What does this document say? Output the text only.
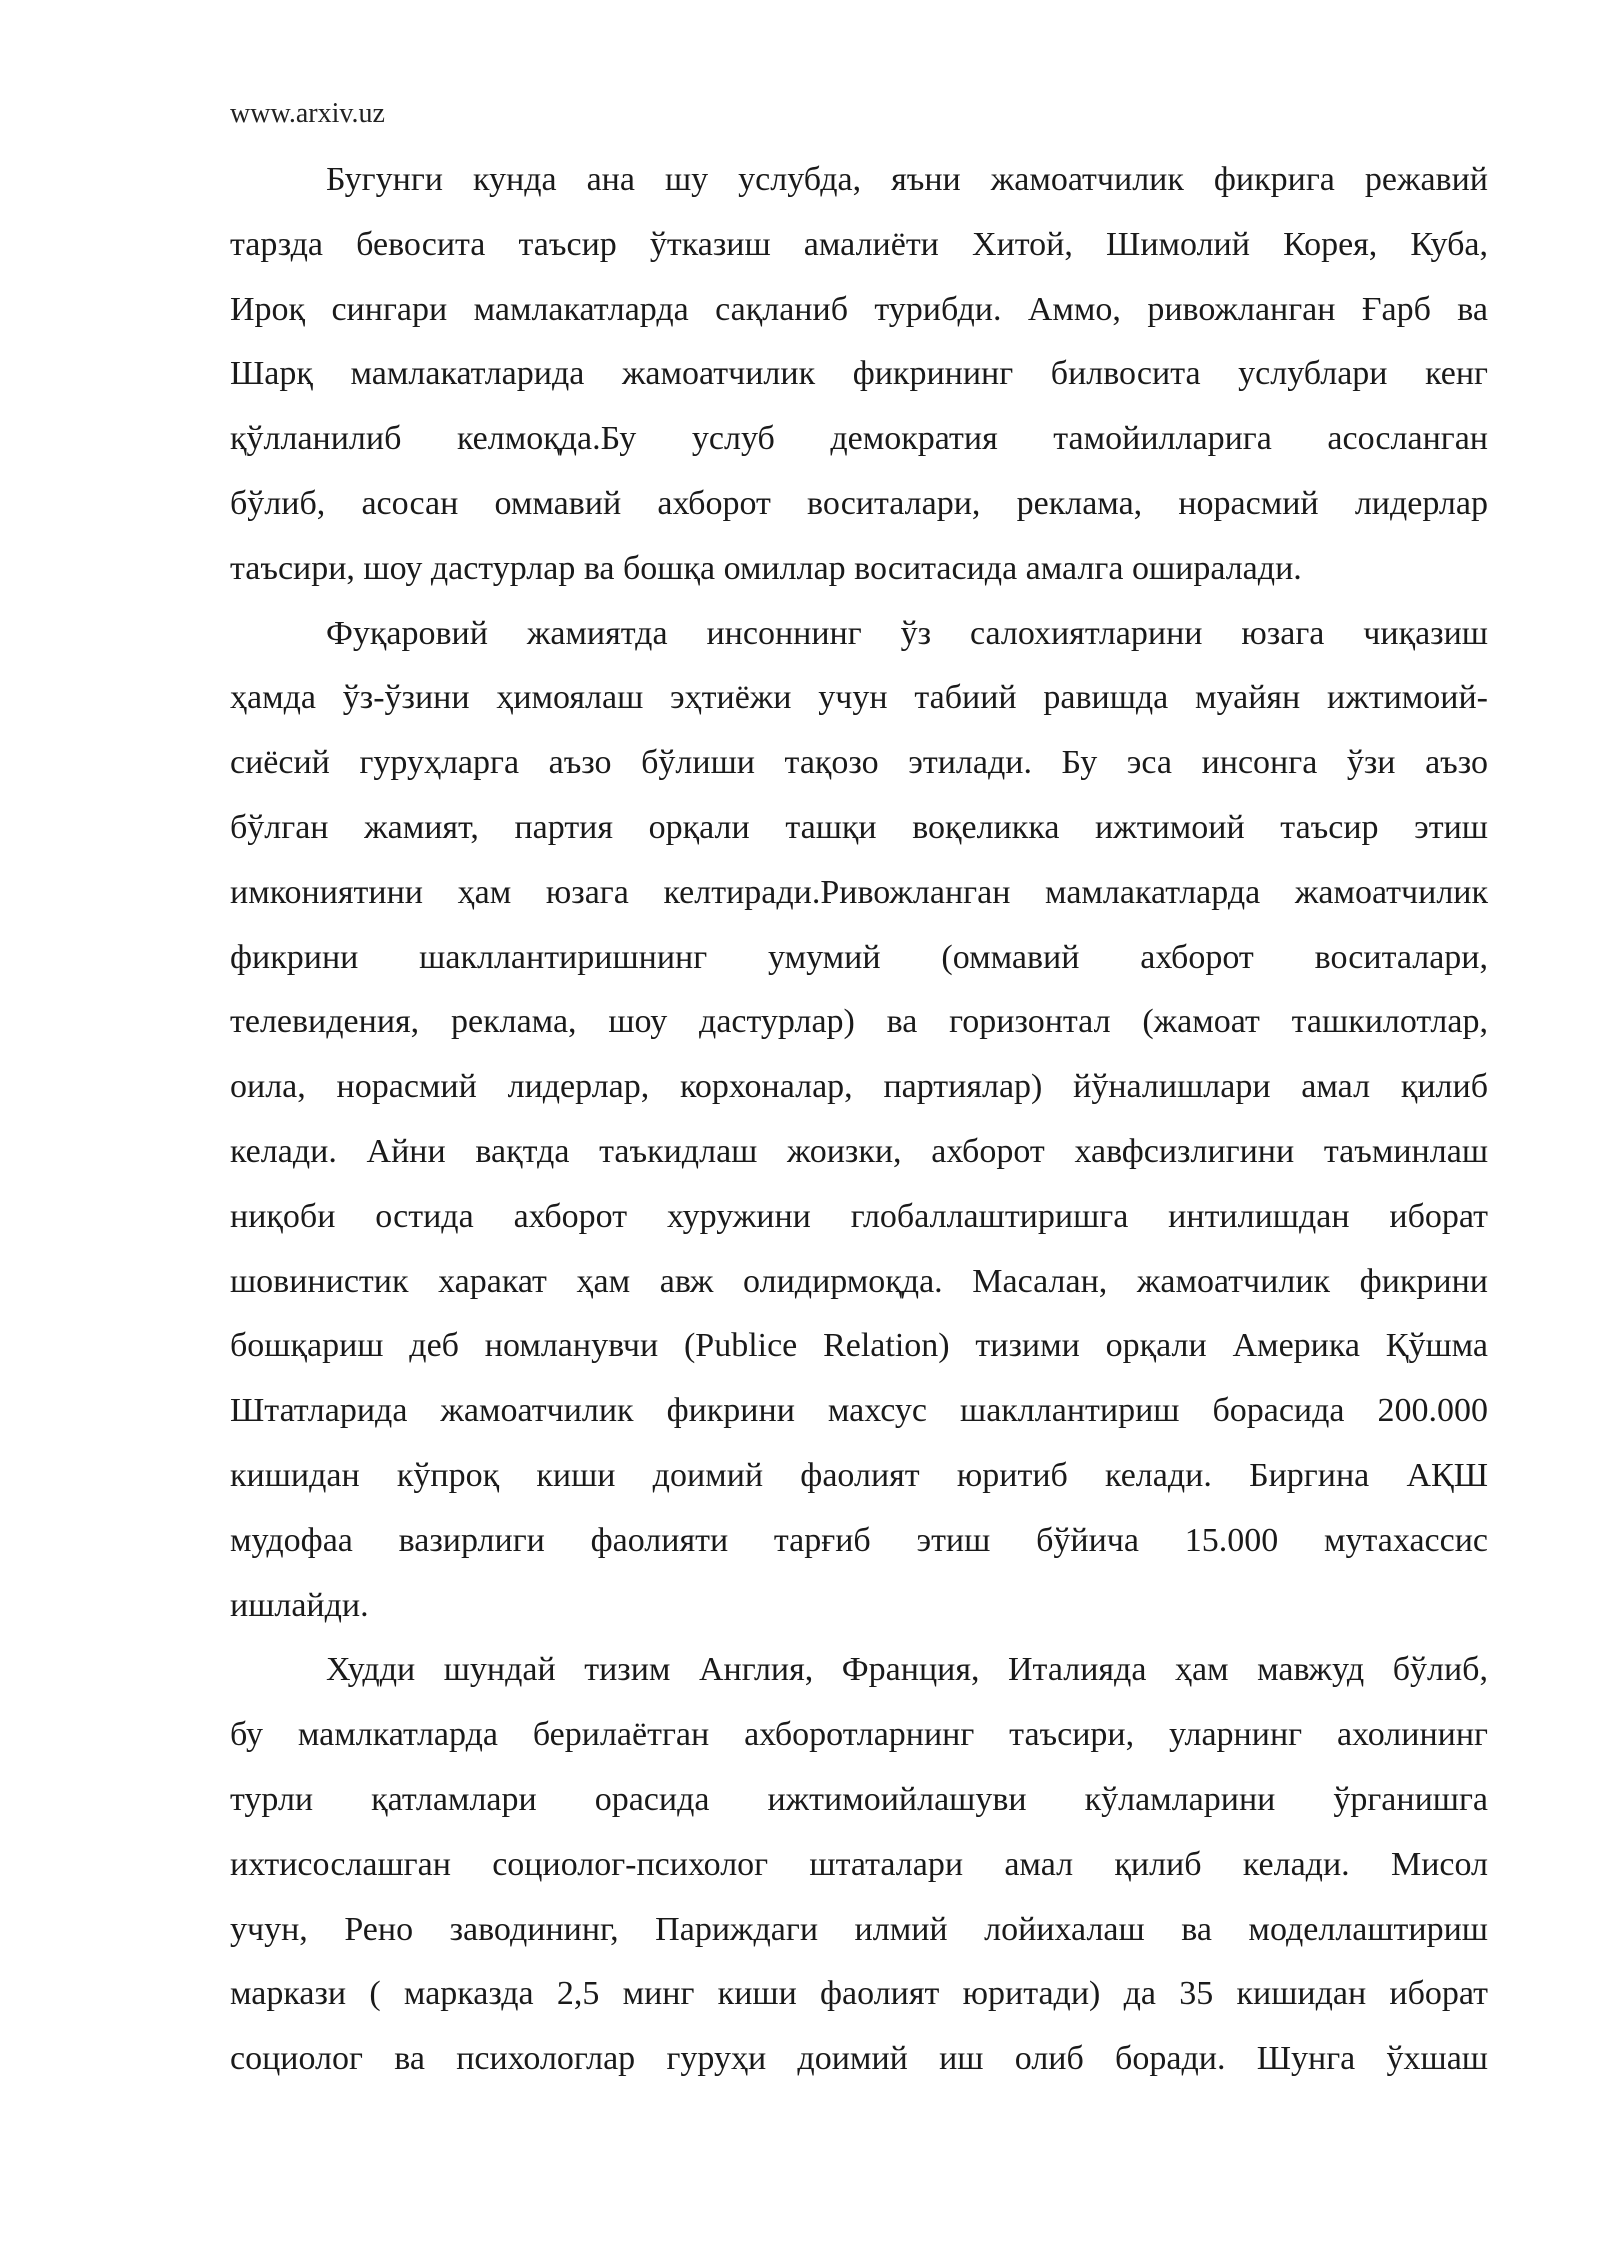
www.arxiv.uz
Бугунги кунда ана шу услубда, яъни жамоатчилик фикрига режавий
тарзда бевосита таъсир ўтказиш амалиёти Хитой, Шимолий Корея, Куба,
Ироқ сингари мамлакатларда сақланиб турибди. Аммо, ривожланган Ғарб ва
Шарқ мамлакатларида жамоатчилик фикрининг билвосита услублари кенг
қўлланилиб келмоқда.Бу услуб демократия тамойилларига асосланган
бўлиб, асосан оммавий ахборот воситалари, реклама, норасмий лидерлар
таъсири, шоу дастурлар ва бошқа омиллар воситасида амалга оширалади.
Фуқаровий жамиятда инсоннинг ўз салохиятларини юзага чиқазиш
ҳамда ўз-ўзини ҳимоялаш эҳтиёжи учун табиий равишда муайян ижтимоий-
сиёсий гуруҳларга аъзо бўлиши тақозо этилади. Бу эса инсонга ўзи аъзо
бўлган жамият, партия орқали ташқи воқеликка ижтимоий таъсир этиш
имкониятини ҳам юзага келтиради.Ривожланган мамлакатларда жамоатчилик
фикрини шакллантиришнинг умумий (оммавий ахборот воситалари,
телевидения, реклама, шоу дастурлар) ва горизонтал (жамоат ташкилотлар,
оила, норасмий лидерлар, корхоналар, партиялар) йўналишлари амал қилиб
келади. Айни вақтда таъкидлаш жоизки, ахборот хавфсизлигини таъминлаш
ниқоби остида ахборот хуружини глобаллаштиришга интилишдан иборат
шовинистик харакат ҳам авж олидирмоқда. Масалан, жамоатчилик фикрини
бошқариш деб номланувчи (Publice Relation) тизими орқали Америка Қўшма
Штатларида жамоатчилик фикрини махсус шакллантириш борасида 200.000
кишидан кўпроқ киши доимий фаолият юритиб келади. Биргина АҚШ
мудофаа вазирлиги фаолияти тарғиб этиш бўйича 15.000 мутахассис
ишлайди.
Худди шундай тизим Англия, Франция, Италияда ҳам мавжуд бўлиб,
бу мамлкатларда берилаётган ахборотларнинг таъсири, уларнинг ахолининг
турли қатламлари орасида ижтимоийлашуви кўламларини ўрганишга
ихтисослашган социолог-психолог штаталари амал қилиб келади. Мисол
учун, Рено заводининг, Париждаги илмий лойихалаш ва моделлаштириш
маркази ( марказда 2,5 минг киши фаолият юритади) да 35 кишидан иборат
социолог ва психологлар гуруҳи доимий иш олиб боради. Шунга ўхшаш
